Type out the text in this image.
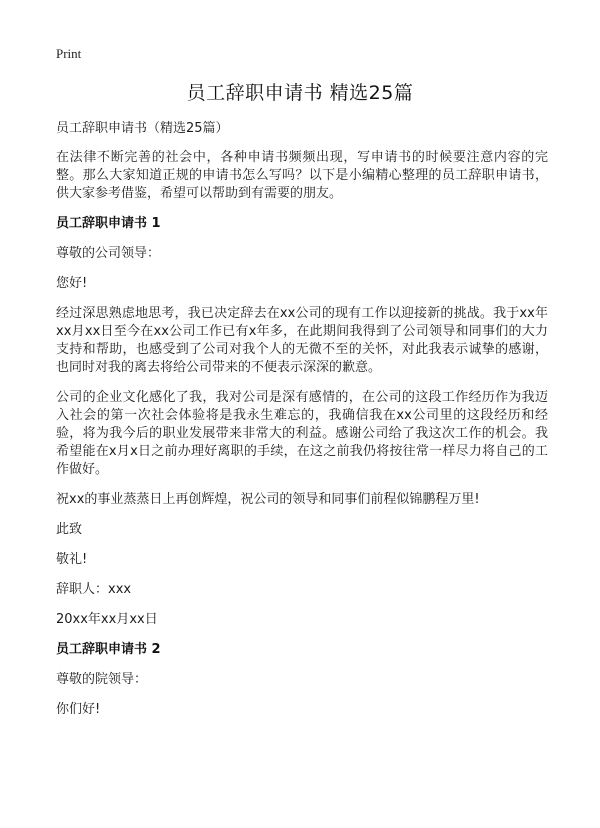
Print
员工辞职申请书 精选25篇

员工辞职申请书（精选25篇）

在法律不断完善的社会中，各种申请书频频出现，写申请书的时候要注意内容的完整。那么大家知道正规的申请书怎么写吗？以下是小编精心整理的员工辞职申请书，供大家参考借鉴，希望可以帮助到有需要的朋友。

员工辞职申请书 1

尊敬的公司领导：

您好!

经过深思熟虑地思考，我已决定辞去在xx公司的现有工作以迎接新的挑战。我于xx年xx月xx日至今在xx公司工作已有x年多，在此期间我得到了公司领导和同事们的大力支持和帮助，也感受到了公司对我个人的无微不至的关怀，对此我表示诚挚的感谢，也同时对我的离去将给公司带来的不便表示深深的歉意。

公司的企业文化感化了我，我对公司是深有感情的，在公司的这段工作经历作为我迈入社会的第一次社会体验将是我永生难忘的，我确信我在xx公司里的这段经历和经验，将为我今后的职业发展带来非常大的利益。感谢公司给了我这次工作的机会。我希望能在x月x日之前办理好离职的手续，在这之前我仍将按往常一样尽力将自己的工作做好。

祝xx的事业蒸蒸日上再创辉煌，祝公司的领导和同事们前程似锦鹏程万里!

此致

敬礼!

辞职人：xxx

20xx年xx月xx日

员工辞职申请书 2

尊敬的院领导：

你们好!
